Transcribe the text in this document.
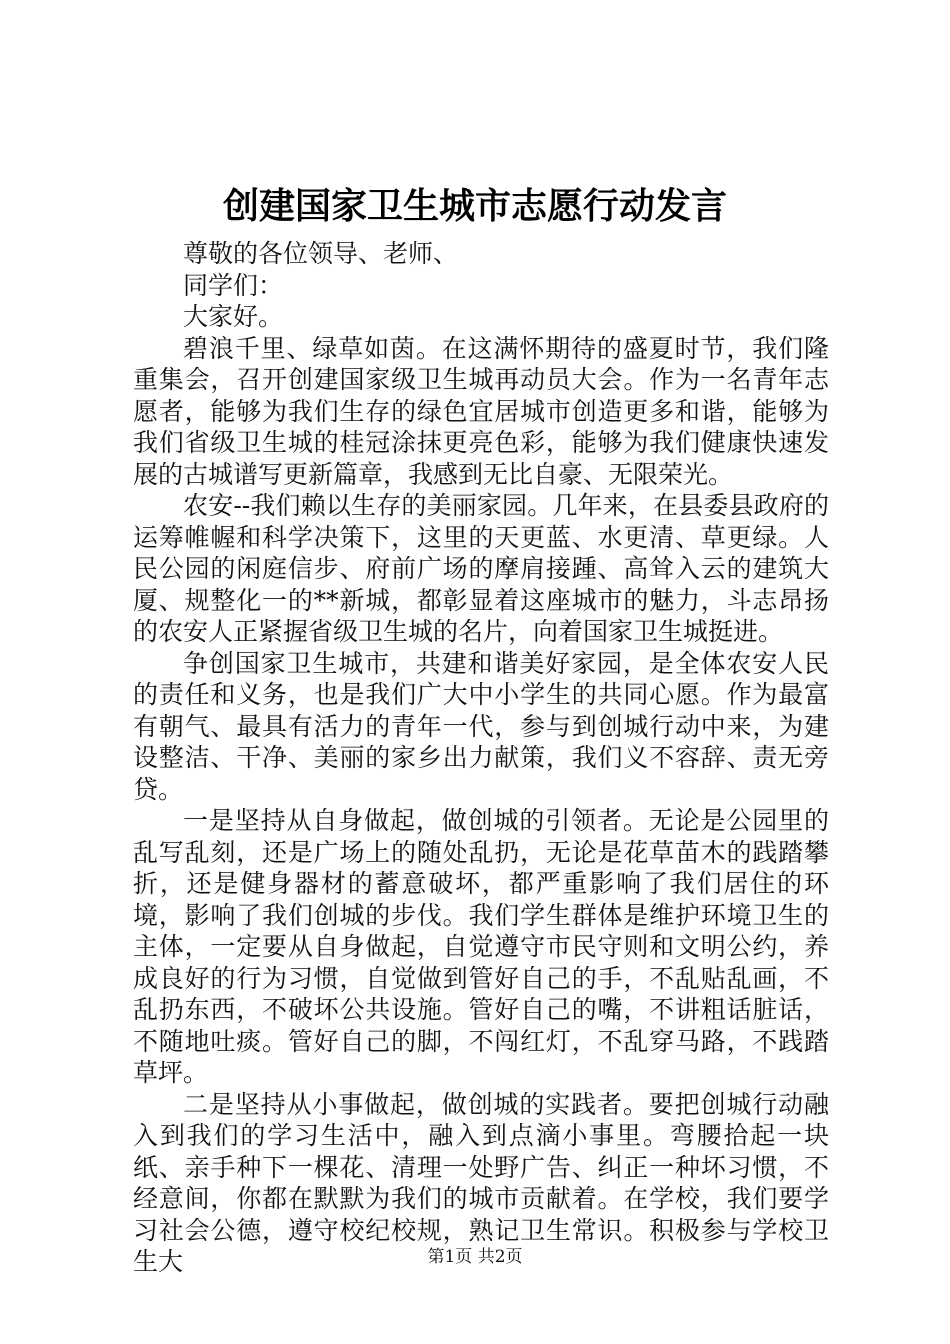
创建国家卫生城市志愿行动发言

尊敬的各位领导、老师、

同学们：

大家好。

碧浪千里、绿草如茵。在这满怀期待的盛夏时节，我们隆重集会，召开创建国家级卫生城再动员大会。作为一名青年志愿者，能够为我们生存的绿色宜居城市创造更多和谐，能够为我们省级卫生城的桂冠涂抹更亮色彩，能够为我们健康快速发展的古城谱写更新篇章，我感到无比自豪、无限荣光。

农安--我们赖以生存的美丽家园。几年来，在县委县政府的运筹帷幄和科学决策下，这里的天更蓝、水更清、草更绿。人民公园的闲庭信步、府前广场的摩肩接踵、高耸入云的建筑大厦、规整化一的**新城，都彰显着这座城市的魅力，斗志昂扬的农安人正紧握省级卫生城的名片，向着国家卫生城挺进。

争创国家卫生城市，共建和谐美好家园，是全体农安人民的责任和义务，也是我们广大中小学生的共同心愿。作为最富有朝气、最具有活力的青年一代，参与到创城行动中来，为建设整洁、干净、美丽的家乡出力献策，我们义不容辞、责无旁贷。

一是坚持从自身做起，做创城的引领者。无论是公园里的乱写乱刻，还是广场上的随处乱扔，无论是花草苗木的践踏攀折，还是健身器材的蓄意破坏，都严重影响了我们居住的环境，影响了我们创城的步伐。我们学生群体是维护环境卫生的主体，一定要从自身做起，自觉遵守市民守则和文明公约，养成良好的行为习惯，自觉做到管好自己的手，不乱贴乱画，不乱扔东西，不破坏公共设施。管好自己的嘴，不讲粗话脏话，不随地吐痰。管好自己的脚，不闯红灯，不乱穿马路，不践踏草坪。

二是坚持从小事做起，做创城的实践者。要把创城行动融入到我们的学习生活中，融入到点滴小事里。弯腰拾起一块纸、亲手种下一棵花、清理一处野广告、纠正一种坏习惯，不经意间，你都在默默为我们的城市贡献着。在学校，我们要学习社会公德，遵守校纪校规，熟记卫生常识。积极参与学校卫生大	第1页 共2页
